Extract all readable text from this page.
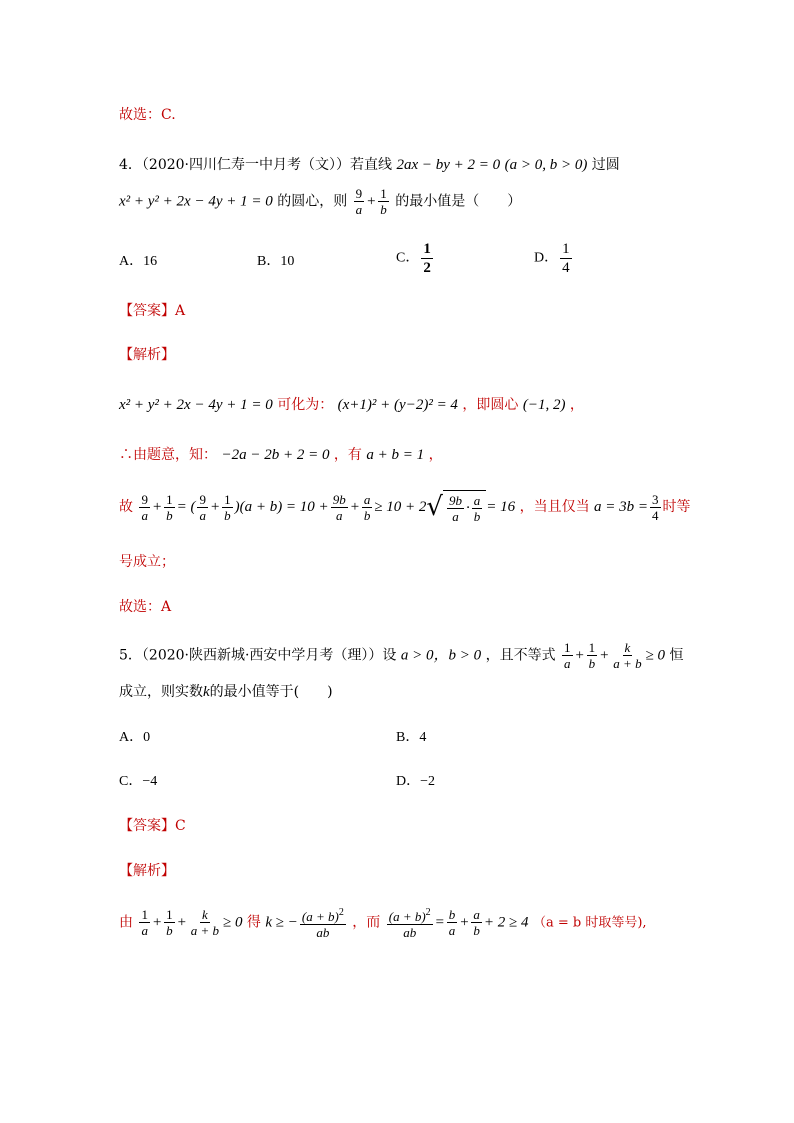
故选：C.
4．（2020·四川仁寿一中月考（文））若直线 2ax − by + 2 = 0 (a > 0, b > 0) 过圆
x² + y² + 2x − 4y + 1 = 0 的圆心，则 $\frac{9}{a} + \frac{1}{b}$ 的最小值是（　　）
A．16	B．10	C． $\frac{1}{2}$	D． $\frac{1}{4}$
【答案】A
【解析】
x² + y² + 2x − 4y + 1 = 0 可化为： (x+1)² + (y−2)² = 4 ，即圆心 (−1, 2) ，
∴由题意，知： −2a − 2b + 2 = 0 ，有 a + b = 1 ，
故 $\frac{9}{a} + \frac{1}{b}$ = ( $\frac{9}{a} + \frac{1}{b} )(a + b) = 10 + \frac{9b}{a} + \frac{a}{b} \ge 10 + 2$ √ $\frac{9b}{a} \cdot \frac{a}{b} = 16$ ，当且仅当 $a = 3b = \frac{3}{4}$ 时等
号成立；
故选：A
5．（2020·陕西新城·西安中学月考（理））设 a > 0，b > 0 ，且不等式 $\frac{1}{a} + \frac{1}{b} + \frac{k}{a + b} \ge 0$ 恒
成立，则实数k的最小值等于(　　)
A．0	B．4
C．−4	D．−2
【答案】C
【解析】
由 $\frac{1}{a} + \frac{1}{b} + \frac{k}{a + b} \ge 0$ 得 k ≥ − $\frac{(a + b)^2}{ab}$ ，而 $\frac{(a + b)^2}{ab} = \frac{b}{a} + \frac{a}{b} + 2 \ge 4$ （a = b 时取等号),
